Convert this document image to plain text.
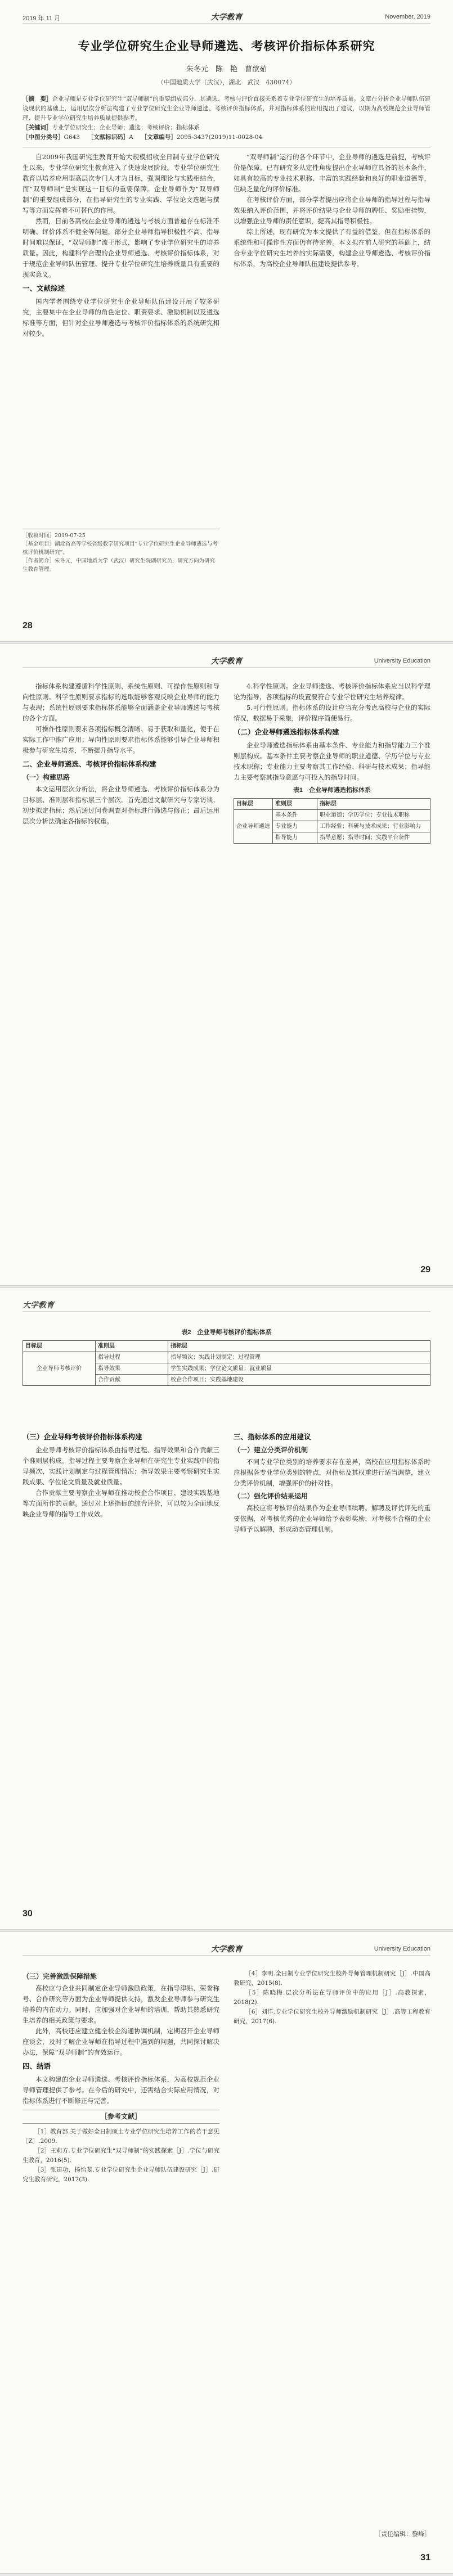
2019 年 11 月	大学教育	November, 2019
专业学位研究生企业导师遴选、考核评价指标体系研究
朱冬元　陈　艳　曹歆茹
（中国地质大学（武汉），湖北　武汉　430074）
［摘　要］企业导师是专业学位研究生“双导师制”的重要组成部分，其遴选、考核与评价直接关系着专业学位研究生的培养质量。文章在分析企业导师队伍建设现状的基础上，运用层次分析法构建了专业学位研究生企业导师遴选、考核评价指标体系，并对指标体系的应用提出了建议，以期为高校规范企业导师管理、提升专业学位研究生培养质量提供参考。
［关键词］专业学位研究生；企业导师；遴选；考核评价；指标体系
［中图分类号］G643　 ［文献标识码］A　 ［文章编号］2095-3437(2019)11-0028-04

自2009年我国研究生教育开始大规模招收全日制专业学位研究生以来，专业学位研究生教育进入了快速发展阶段。专业学位研究生教育以培养应用型高层次专门人才为目标，强调理论与实践相结合，而“双导师制”是实现这一目标的重要保障。企业导师作为“双导师制”的重要组成部分，在指导研究生的专业实践、学位论文选题与撰写等方面发挥着不可替代的作用。

然而，目前各高校在企业导师的遴选与考核方面普遍存在标准不明确、评价体系不健全等问题，部分企业导师指导积极性不高、指导时间难以保证，“双导师制”流于形式，影响了专业学位研究生的培养质量。因此，构建科学合理的企业导师遴选、考核评价指标体系，对于规范企业导师队伍管理、提升专业学位研究生培养质量具有重要的现实意义。

一、文献综述

国内学者围绕专业学位研究生企业导师队伍建设开展了较多研究，主要集中在企业导师的角色定位、职责要求、激励机制以及遴选标准等方面，但针对企业导师遴选与考核评价指标体系的系统研究相对较少。

“双导师制”运行的各个环节中，企业导师的遴选是前提，考核评价是保障。已有研究多从定性角度提出企业导师应具备的基本条件，如具有较高的专业技术职称、丰富的实践经验和良好的职业道德等，但缺乏量化的评价标准。

在考核评价方面，部分学者提出应将企业导师的指导过程与指导效果纳入评价范围，并将评价结果与企业导师的聘任、奖励相挂钩，以增强企业导师的责任意识，提高其指导积极性。

综上所述，现有研究为本文提供了有益的借鉴，但在指标体系的系统性和可操作性方面仍有待完善。本文拟在前人研究的基础上，结合专业学位研究生培养的实际需要，构建企业导师遴选、考核评价指标体系，为高校企业导师队伍建设提供参考。

［收稿时间］2019-07-25
［基金项目］湖北省高等学校省级教学研究项目“专业学位研究生企业导师遴选与考核评价机制研究”。
［作者简介］朱冬元，中国地质大学（武汉）研究生院副研究员，研究方向为研究生教育管理。
28
大学教育	University Education

指标体系构建遵循科学性原则、系统性原则、可操作性原则和导向性原则。科学性原则要求指标的选取能够客观反映企业导师的能力与表现；系统性原则要求指标体系能够全面涵盖企业导师遴选与考核的各个方面。

可操作性原则要求各项指标概念清晰、易于获取和量化，便于在实际工作中推广应用；导向性原则要求指标体系能够引导企业导师积极参与研究生培养，不断提升指导水平。

二、企业导师遴选、考核评价指标体系构建
（一）构建思路

本文运用层次分析法，将企业导师遴选、考核评价指标体系分为目标层、准则层和指标层三个层次。首先通过文献研究与专家访谈，初步拟定指标；然后通过问卷调查对指标进行筛选与修正；最后运用层次分析法确定各指标的权重。

4.科学性原则。企业导师遴选、考核评价指标体系应当以科学理论为指导，各项指标的设置要符合专业学位研究生培养规律。

5.可行性原则。指标体系的设计应当充分考虑高校与企业的实际情况，数据易于采集，评价程序简便易行。

（二）企业导师遴选指标体系构建

企业导师遴选指标体系由基本条件、专业能力和指导能力三个准则层构成。基本条件主要考察企业导师的职业道德、学历学位与专业技术职称；专业能力主要考察其工作经验、科研与技术成果；指导能力主要考察其指导意愿与可投入的指导时间。

表1　企业导师遴选指标体系
目标层	准则层	指标层
企业导师遴选	基本条件	职业道德；学历学位；专业技术职称
	专业能力	工作经验；科研与技术成果；行业影响力
	指导能力	指导意愿；指导时间；实践平台条件
29
大学教育
表2　企业导师考核评价指标体系
目标层	准则层	指标层
企业导师考核评价	指导过程	指导频次；实践计划制定；过程管理
	指导效果	学生实践成果；学位论文质量；就业质量
	合作贡献	校企合作项目；实践基地建设
（三）企业导师考核评价指标体系构建

企业导师考核评价指标体系由指导过程、指导效果和合作贡献三个准则层构成。指导过程主要考察企业导师在研究生专业实践中的指导频次、实践计划制定与过程管理情况；指导效果主要考察研究生实践成果、学位论文质量及就业质量。

合作贡献主要考察企业导师在推动校企合作项目、建设实践基地等方面所作的贡献。通过对上述指标的综合评价，可以较为全面地反映企业导师的指导工作成效。

三、指标体系的应用建议
（一）建立分类评价机制

不同专业学位类别的培养要求存在差异，高校在应用指标体系时应根据各专业学位类别的特点，对指标及其权重进行适当调整，建立分类评价机制，增强评价的针对性。

（二）强化评价结果运用

高校应将考核评价结果作为企业导师续聘、解聘及评优评先的重要依据，对考核优秀的企业导师给予表彰奖励，对考核不合格的企业导师予以解聘，形成动态管理机制。

30
大学教育	University Education
（三）完善激励保障措施

高校应与企业共同制定企业导师激励政策，在指导津贴、荣誉称号、合作研究等方面为企业导师提供支持，激发企业导师参与研究生培养的内在动力。同时，应加强对企业导师的培训，帮助其熟悉研究生培养的相关政策与要求。

此外，高校还应建立健全校企沟通协调机制，定期召开企业导师座谈会，及时了解企业导师在指导过程中遇到的问题，共同探讨解决办法，保障“双导师制”的有效运行。

四、结语

本文构建的企业导师遴选、考核评价指标体系，为高校规范企业导师管理提供了参考。在今后的研究中，还需结合实际应用情况，对指标体系进行不断修正与完善。

［参考文献］

［1］教育部.关于做好全日制硕士专业学位研究生培养工作的若干意见［Z］.2009.

［2］王莉方.专业学位研究生“双导师制”的实践探索［J］.学位与研究生教育，2016(5).

［3］张建功，杨怡斐.专业学位研究生企业导师队伍建设研究［J］.研究生教育研究，2017(3).

［4］李明.全日制专业学位研究生校外导师管理机制研究［J］.中国高教研究，2015(8).

［5］陈晓梅.层次分析法在导师评价中的应用［J］.高教探索，2018(2).

［6］刘洋.专业学位研究生校外导师激励机制研究［J］.高等工程教育研究，2017(6).

［责任编辑：黎峰］
31
